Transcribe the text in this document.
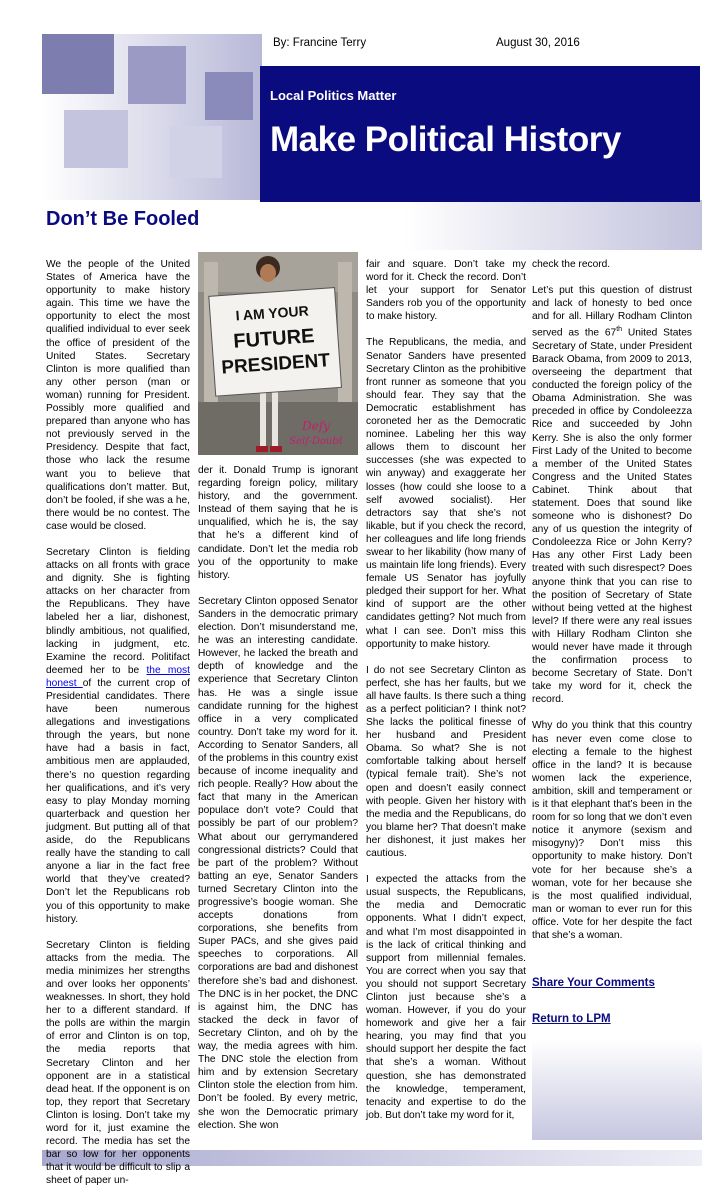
By: Francine Terry	August 30, 2016
Local Politics Matter
Make Political History
Don’t Be Fooled

We the people of the United States of America have the opportunity to make history again. This time we have the opportunity to elect the most qualified individual to ever seek the office of president of the United States. Secretary Clinton is more qualified than any other person (man or woman) running for President. Possibly more qualified and prepared than anyone who has not previously served in the Presidency. Despite that fact, those who lack the resume want you to believe that qualifications don’t matter. But, don’t be fooled, if she was a he, there would be no contest. The case would be closed.

Secretary Clinton is fielding attacks on all fronts with grace and dignity. She is fighting attacks on her character from the Republicans. They have labeled her a liar, dishonest, blindly ambitious, not qualified, lacking in judgment, etc. Examine the record. Politifact deemed her to be the most honest of the current crop of Presidential candidates. There have been numerous allegations and investigations through the years, but none have had a basis in fact, ambitious men are applauded, there’s no question regarding her qualifications, and it’s very easy to play Monday morning quarterback and question her judgment. But putting all of that aside, do the Republicans really have the standing to call anyone a liar in the fact free world that they’ve created? Don’t let the Republicans rob you of this opportunity to make history.

Secretary Clinton is fielding attacks from the media. The media minimizes her strengths and over looks her opponents’ weaknesses. In short, they hold her to a different standard. If the polls are within the margin of error and Clinton is on top, the media reports that Secretary Clinton and her opponent are in a statistical dead heat. If the opponent is on top, they report that Secretary Clinton is losing. Don’t take my word for it, just examine the record. The media has set the bar so low for her opponents that it would be difficult to slip a sheet of paper un-

I AM YOUR
FUTURE
PRESIDENT
Defy
Self-Doubt

der it. Donald Trump is ignorant regarding foreign policy, military history, and the government. Instead of them saying that he is unqualified, which he is, the say that he’s a different kind of candidate. Don’t let the media rob you of the opportunity to make history.

Secretary Clinton opposed Senator Sanders in the democratic primary election. Don’t misunderstand me, he was an interesting candidate. However, he lacked the breath and depth of knowledge and the experience that Secretary Clinton has. He was a single issue candidate running for the highest office in a very complicated country. Don’t take my word for it. According to Senator Sanders, all of the problems in this country exist because of income inequality and rich people. Really? How about the fact that many in the American populace don’t vote? Could that possibly be part of our problem? What about our gerrymandered congressional districts? Could that be part of the problem? Without batting an eye, Senator Sanders turned Secretary Clinton into the progressive’s boogie woman. She accepts donations from corporations, she benefits from Super PACs, and she gives paid speeches to corporations. All corporations are bad and dishonest therefore she’s bad and dishonest. The DNC is in her pocket, the DNC is against him, the DNC has stacked the deck in favor of Secretary Clinton, and oh by the way, the media agrees with him. The DNC stole the election from him and by extension Secretary Clinton stole the election from him. Don’t be fooled. By every metric, she won the Democratic primary election. She won

fair and square. Don’t take my word for it. Check the record. Don’t let your support for Senator Sanders rob you of the opportunity to make history.

The Republicans, the media, and Senator Sanders have presented Secretary Clinton as the prohibitive front runner as someone that you should fear. They say that the Democratic establishment has coroneted her as the Democratic nominee. Labeling her this way allows them to discount her successes (she was expected to win anyway) and exaggerate her losses (how could she loose to a self avowed socialist). Her detractors say that she’s not likable, but if you check the record, her colleagues and life long friends swear to her likability (how many of us maintain life long friends). Every female US Senator has joyfully pledged their support for her. What kind of support are the other candidates getting? Not much from what I can see. Don’t miss this opportunity to make history.

I do not see Secretary Clinton as perfect, she has her faults, but we all have faults. Is there such a thing as a perfect politician? I think not? She lacks the political finesse of her husband and President Obama. So what? She is not comfortable talking about herself (typical female trait). She’s not open and doesn’t easily connect with people. Given her history with the media and the Republicans, do you blame her? That doesn’t make her dishonest, it just makes her cautious.

I expected the attacks from the usual suspects, the Republicans, the media and Democratic opponents. What I didn’t expect, and what I’m most disappointed in is the lack of critical thinking and support from millennial females. You are correct when you say that you should not support Secretary Clinton just because she’s a woman. However, if you do your homework and give her a fair hearing, you may find that you should support her despite the fact that she’s a woman. Without question, she has demonstrated the knowledge, temperament, tenacity and expertise to do the job. But don’t take my word for it,

check the record.

Let’s put this question of distrust and lack of honesty to bed once and for all. Hillary Rodham Clinton served as the 67th United States Secretary of State, under President Barack Obama, from 2009 to 2013, overseeing the department that conducted the foreign policy of the Obama Administration. She was preceded in office by Condoleezza Rice and succeeded by John Kerry. She is also the only former First Lady of the United to become a member of the United States Congress and the United States Cabinet. Think about that statement. Does that sound like someone who is dishonest? Do any of us question the integrity of Condoleezza Rice or John Kerry? Has any other First Lady been treated with such disrespect? Does anyone think that you can rise to the position of Secretary of State without being vetted at the highest level? If there were any real issues with Hillary Rodham Clinton she would never have made it through the confirmation process to become Secretary of State. Don’t take my word for it, check the record.

Why do you think that this country has never even come close to electing a female to the highest office in the land? It is because women lack the experience, ambition, skill and temperament or is it that elephant that’s been in the room for so long that we don’t even notice it anymore (sexism and misogyny)? Don’t miss this opportunity to make history. Don’t vote for her because she’s a woman, vote for her because she is the most qualified individual, man or woman to ever run for this office. Vote for her despite the fact that she’s a woman.

Share Your Comments
Return to LPM
